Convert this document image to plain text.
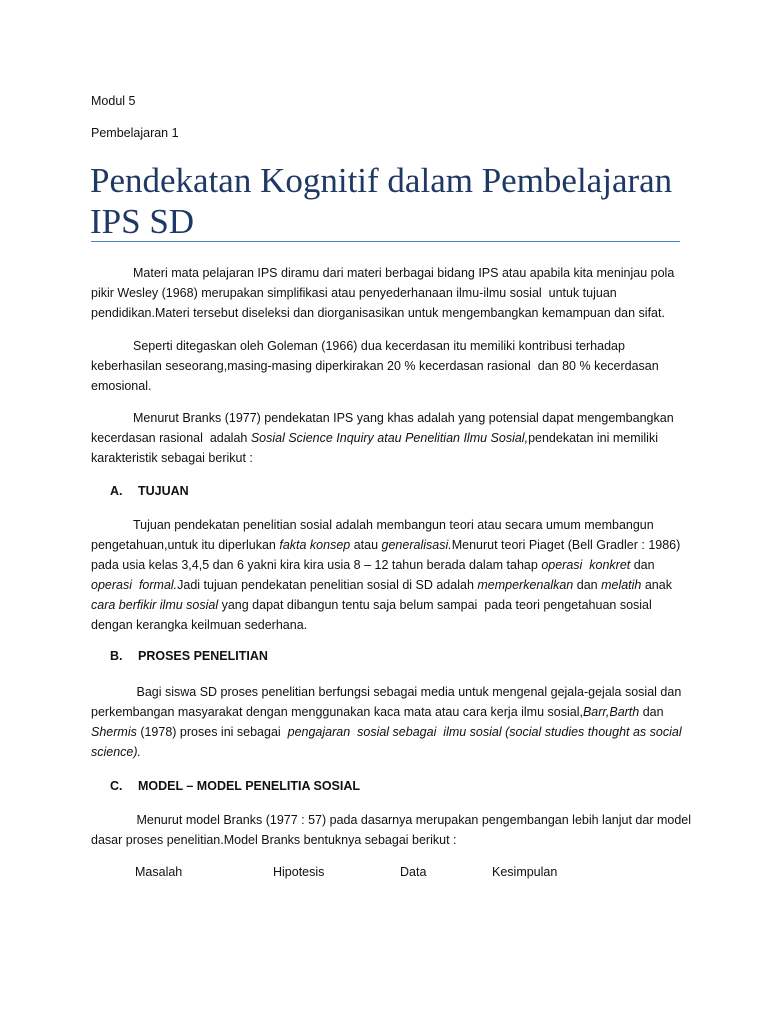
Modul 5
Pembelajaran 1
Pendekatan Kognitif dalam Pembelajaran IPS SD

Materi mata pelajaran IPS diramu dari materi berbagai bidang IPS atau apabila kita meninjau pola pikir Wesley (1968) merupakan simplifikasi atau penyederhanaan ilmu-ilmu sosial  untuk tujuan pendidikan.Materi tersebut diseleksi dan diorganisasikan untuk mengembangkan kemampuan dan sifat.

Seperti ditegaskan oleh Goleman (1966) dua kecerdasan itu memiliki kontribusi terhadap keberhasilan seseorang,masing-masing diperkirakan 20 % kecerdasan rasional  dan 80 % kecerdasan emosional.

Menurut Branks (1977) pendekatan IPS yang khas adalah yang potensial dapat mengembangkan kecerdasan rasional  adalah Sosial Science Inquiry atau Penelitian Ilmu Sosial,pendekatan ini memiliki karakteristik sebagai berikut :

A. TUJUAN

Tujuan pendekatan penelitian sosial adalah membangun teori atau secara umum membangun pengetahuan,untuk itu diperlukan fakta konsep atau generalisasi.Menurut teori Piaget (Bell Gradler : 1986) pada usia kelas 3,4,5 dan 6 yakni kira kira usia 8 – 12 tahun berada dalam tahap operasi  konkret dan operasi  formal.Jadi tujuan pendekatan penelitian sosial di SD adalah memperkenalkan dan melatih anak cara berfikir ilmu sosial yang dapat dibangun tentu saja belum sampai  pada teori pengetahuan sosial dengan kerangka keilmuan sederhana.

B. PROSES PENELITIAN

Bagi siswa SD proses penelitian berfungsi sebagai media untuk mengenal gejala-gejala sosial dan perkembangan masyarakat dengan menggunakan kaca mata atau cara kerja ilmu sosial,Barr,Barth dan Shermis (1978) proses ini sebagai  pengajaran  sosial sebagai  ilmu sosial (social studies thought as social science).

C. MODEL – MODEL PENELITIA SOSIAL

Menurut model Branks (1977 : 57) pada dasarnya merupakan pengembangan lebih lanjut dar model dasar proses penelitian.Model Branks bentuknya sebagai berikut :

Masalah	Hipotesis	Data	Kesimpulan
